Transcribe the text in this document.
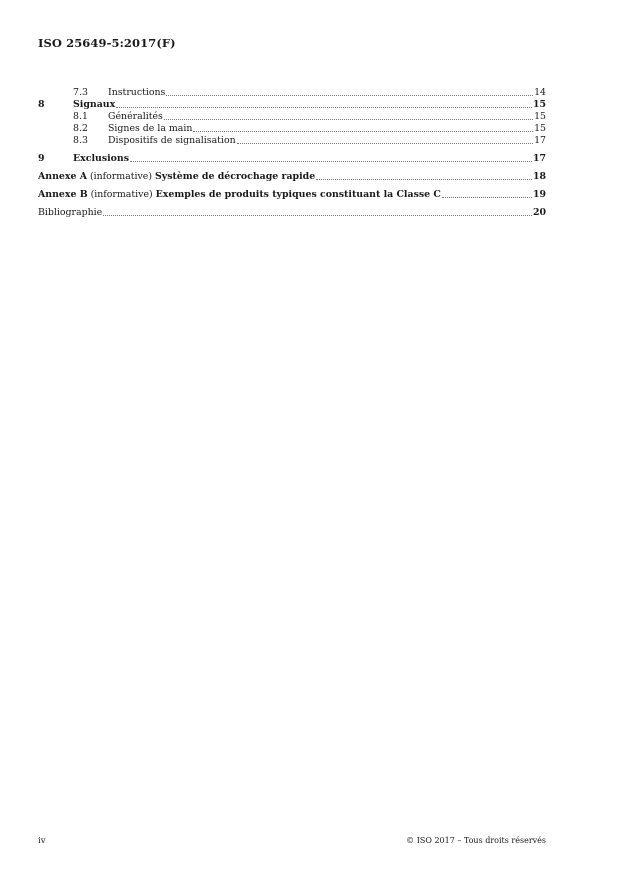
ISO 25649-5:2017(F)
7.3	Instructions	14
8	Signaux	15
8.1	Généralités	15
8.2	Signes de la main	15
8.3	Dispositifs de signalisation	17
9	Exclusions	17
Annexe A (informative) Système de décrochage rapide	18
Annexe B (informative) Exemples de produits typiques constituant la Classe C	19
Bibliographie	20
iv	© ISO 2017 – Tous droits réservés
